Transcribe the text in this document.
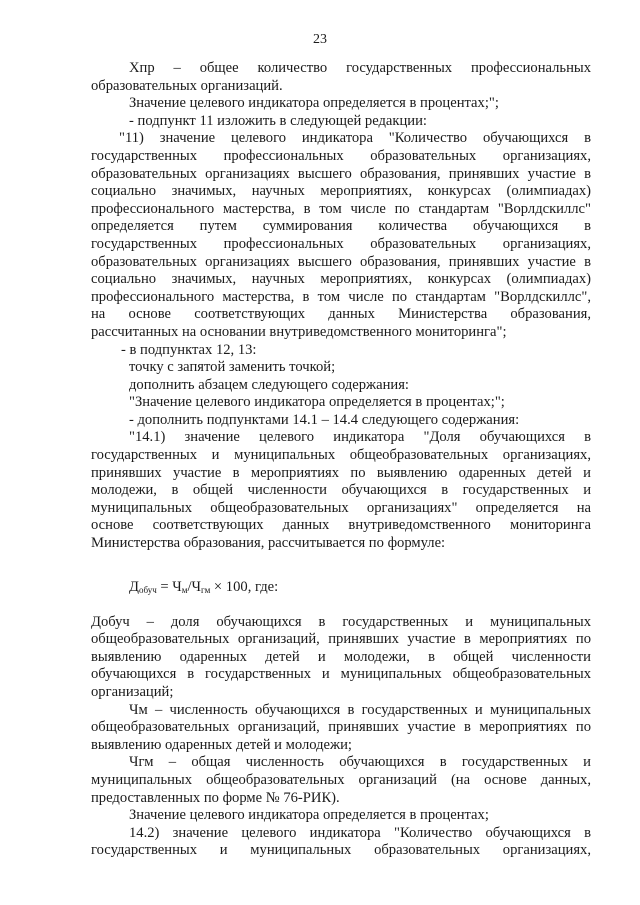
23
Xпр – общее количество государственных профессиональных
образовательных организаций.
Значение целевого индикатора определяется в процентах;";
- подпункт 11 изложить в следующей редакции:
"11) значение целевого индикатора "Количество обучающихся в
государственных профессиональных образовательных организациях,
образовательных организациях высшего образования, принявших участие в
социально значимых, научных мероприятиях, конкурсах (олимпиадах)
профессионального мастерства, в том числе по стандартам "Ворлдскиллс"
определяется путем суммирования количества обучающихся в
государственных профессиональных образовательных организациях,
образовательных организациях высшего образования, принявших участие в
социально значимых, научных мероприятиях, конкурсах (олимпиадах)
профессионального мастерства, в том числе по стандартам "Ворлдскиллс",
на основе соответствующих данных Министерства образования,
рассчитанных на основании внутриведомственного мониторинга";
- в подпунктах 12, 13:
точку с запятой заменить точкой;
дополнить абзацем следующего содержания:
"Значение целевого индикатора определяется в процентах;";
- дополнить подпунктами 14.1 – 14.4 следующего содержания:
"14.1) значение целевого индикатора "Доля обучающихся в
государственных и муниципальных общеобразовательных организациях,
принявших участие в мероприятиях по выявлению одаренных детей и
молодежи, в общей численности обучающихся в государственных и
муниципальных общеобразовательных организациях" определяется на
основе соответствующих данных внутриведомственного мониторинга
Министерства образования, рассчитывается по формуле:
$Д_{обуч} = Ч_м/Ч_{гм} \times 100$, где:
Добуч – доля обучающихся в государственных и муниципальных
общеобразовательных организаций, принявших участие в мероприятиях по
выявлению одаренных детей и молодежи, в общей численности
обучающихся в государственных и муниципальных общеобразовательных
организаций;
Чм – численность обучающихся в государственных и муниципальных
общеобразовательных организаций, принявших участие в мероприятиях по
выявлению одаренных детей и молодежи;
Чгм – общая численность обучающихся в государственных и
муниципальных общеобразовательных организаций (на основе данных,
предоставленных по форме № 76-РИК).
Значение целевого индикатора определяется в процентах;
14.2) значение целевого индикатора "Количество обучающихся в
государственных и муниципальных образовательных организациях,
